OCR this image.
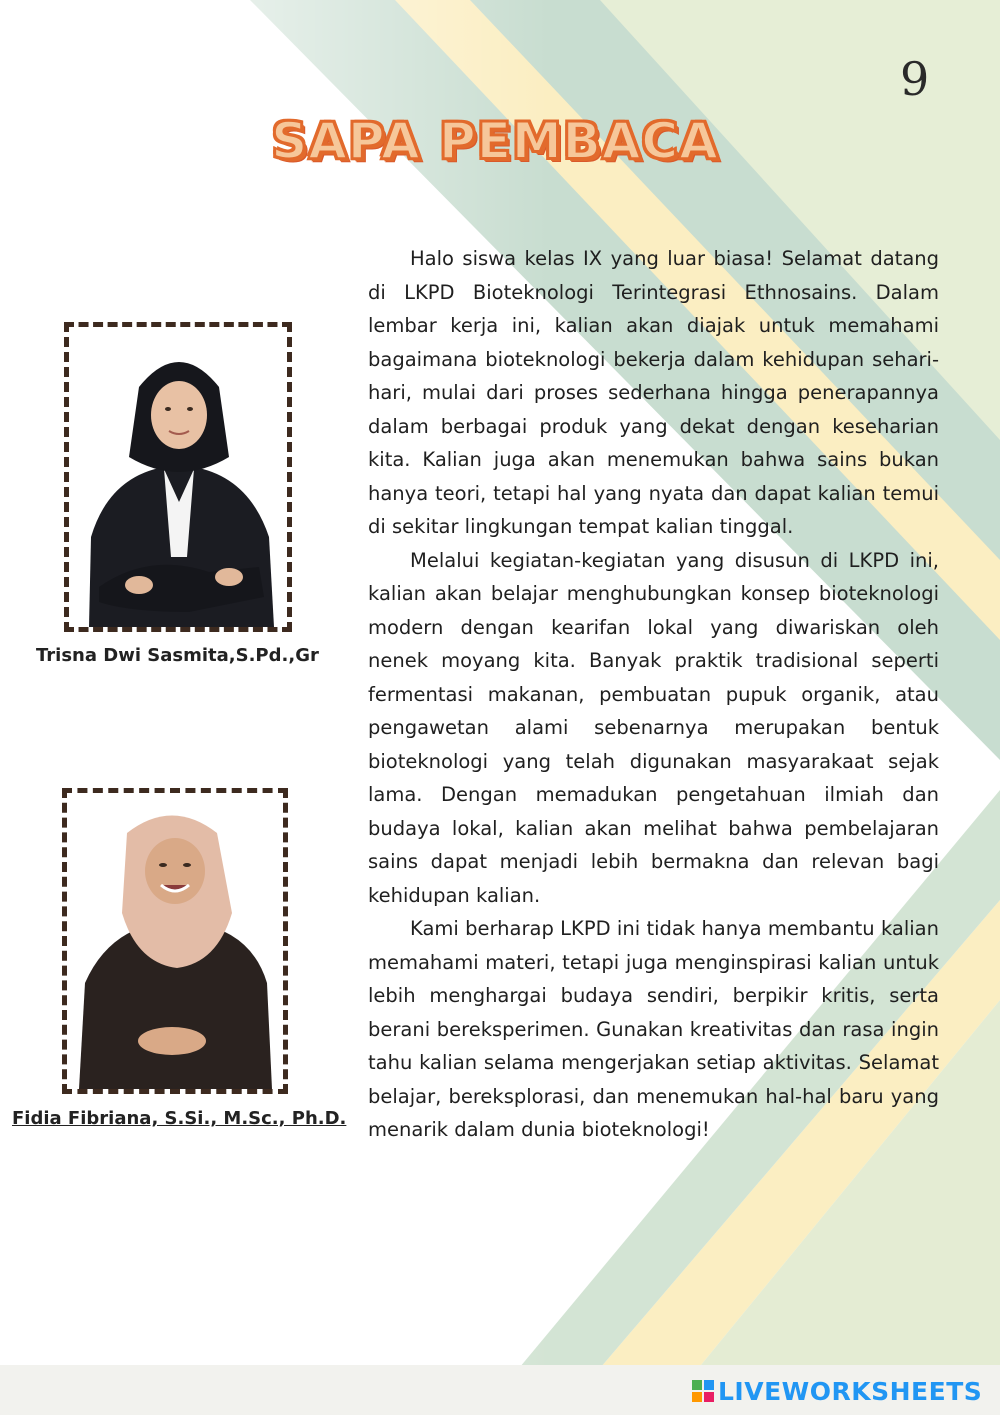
9
SAPA PEMBACA
Trisna Dwi Sasmita,S.Pd.,Gr
Fidia Fibriana, S.Si., M.Sc., Ph.D.

Halo siswa kelas IX yang luar biasa! Selamat datang di LKPD Bioteknologi Terintegrasi Ethnosains. Dalam lembar kerja ini, kalian akan diajak untuk memahami bagaimana bioteknologi bekerja dalam kehidupan sehari-hari, mulai dari proses sederhana hingga penerapannya dalam berbagai produk yang dekat dengan keseharian kita. Kalian juga akan menemukan bahwa sains bukan hanya teori, tetapi hal yang nyata dan dapat kalian temui di sekitar lingkungan tempat kalian tinggal.

Melalui kegiatan-kegiatan yang disusun di LKPD ini, kalian akan belajar menghubungkan konsep bioteknologi modern dengan kearifan lokal yang diwariskan oleh nenek moyang kita. Banyak praktik tradisional seperti fermentasi makanan, pembuatan pupuk organik, atau pengawetan alami sebenarnya merupakan bentuk bioteknologi yang telah digunakan masyarakaat sejak lama. Dengan memadukan pengetahuan ilmiah dan budaya lokal, kalian akan melihat bahwa pembelajaran sains dapat menjadi lebih bermakna dan relevan bagi kehidupan kalian.

Kami berharap LKPD ini tidak hanya membantu kalian memahami materi, tetapi juga menginspirasi kalian untuk lebih menghargai budaya sendiri, berpikir kritis, serta berani bereksperimen. Gunakan kreativitas dan rasa ingin tahu kalian selama mengerjakan setiap aktivitas. Selamat belajar, bereksplorasi, dan menemukan hal-hal baru yang menarik dalam dunia bioteknologi!

LIVEWORKSHEETS
